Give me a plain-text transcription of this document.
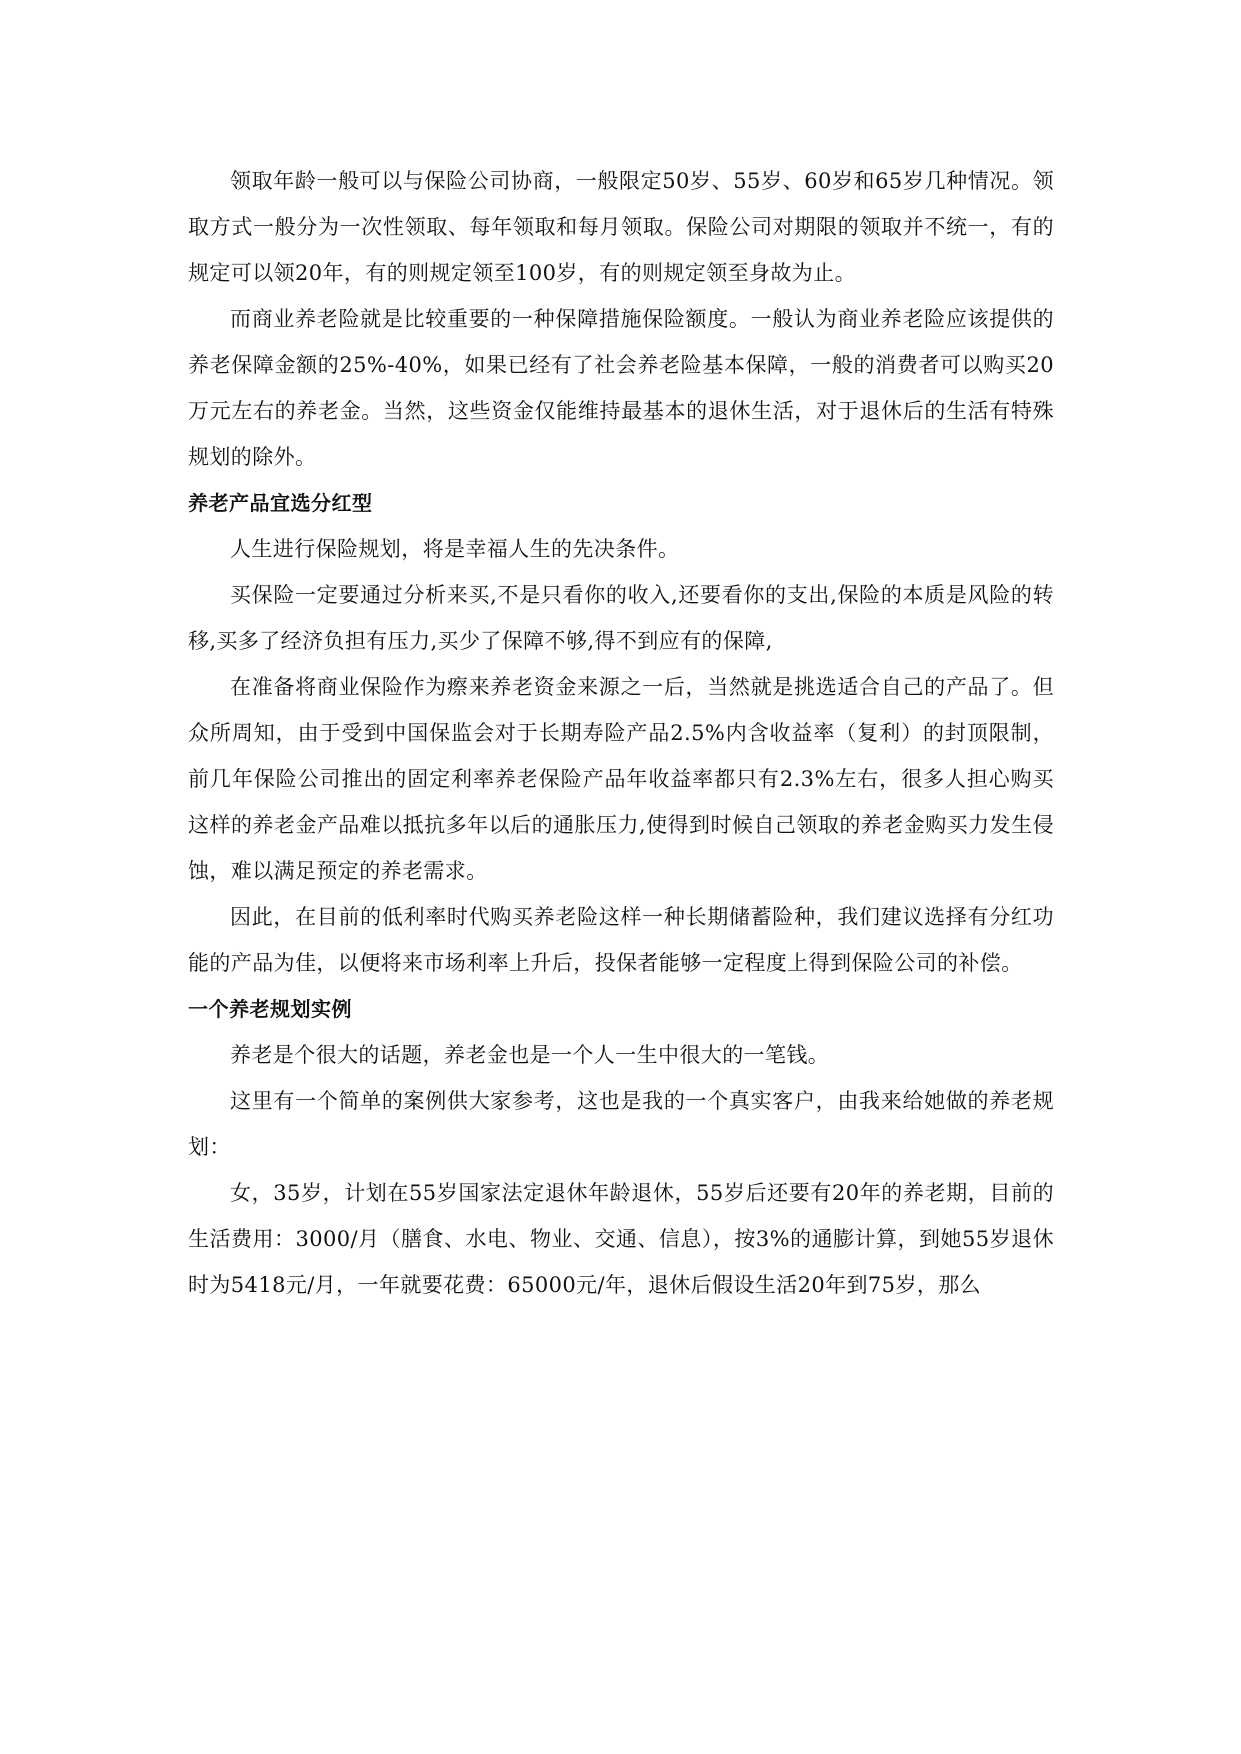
领取年龄一般可以与保险公司协商，一般限定50岁、55岁、60岁和65岁几种情况。领取方式一般分为一次性领取、每年领取和每月领取。保险公司对期限的领取并不统一，有的规定可以领20年，有的则规定领至100岁，有的则规定领至身故为止。

而商业养老险就是比较重要的一种保障措施保险额度。一般认为商业养老险应该提供的养老保障金额的25%-40%，如果已经有了社会养老险基本保障，一般的消费者可以购买20万元左右的养老金。当然，这些资金仅能维持最基本的退休生活，对于退休后的生活有特殊规划的除外。

养老产品宜选分红型

人生进行保险规划，将是幸福人生的先决条件。

买保险一定要通过分析来买,不是只看你的收入,还要看你的支出,保险的本质是风险的转移,买多了经济负担有压力,买少了保障不够,得不到应有的保障,

在准备将商业保险作为瘵来养老资金来源之一后，当然就是挑选适合自己的产品了。但众所周知，由于受到中国保监会对于长期寿险产品2.5%内含收益率（复利）的封顶限制，前几年保险公司推出的固定利率养老保险产品年收益率都只有2.3%左右，很多人担心购买这样的养老金产品难以抵抗多年以后的通胀压力,使得到时候自己领取的养老金购买力发生侵蚀，难以满足预定的养老需求。

因此，在目前的低利率时代购买养老险这样一种长期储蓄险种，我们建议选择有分红功能的产品为佳，以便将来市场利率上升后，投保者能够一定程度上得到保险公司的补偿。

一个养老规划实例

养老是个很大的话题，养老金也是一个人一生中很大的一笔钱。

这里有一个简单的案例供大家参考，这也是我的一个真实客户，由我来给她做的养老规划：

女，35岁，计划在55岁国家法定退休年龄退休，55岁后还要有20年的养老期，目前的生活费用：3000/月（膳食、水电、物业、交通、信息），按3%的通膨计算，到她55岁退休时为5418元/月，一年就要花费：65000元/年，退休后假设生活20年到75岁，那么
